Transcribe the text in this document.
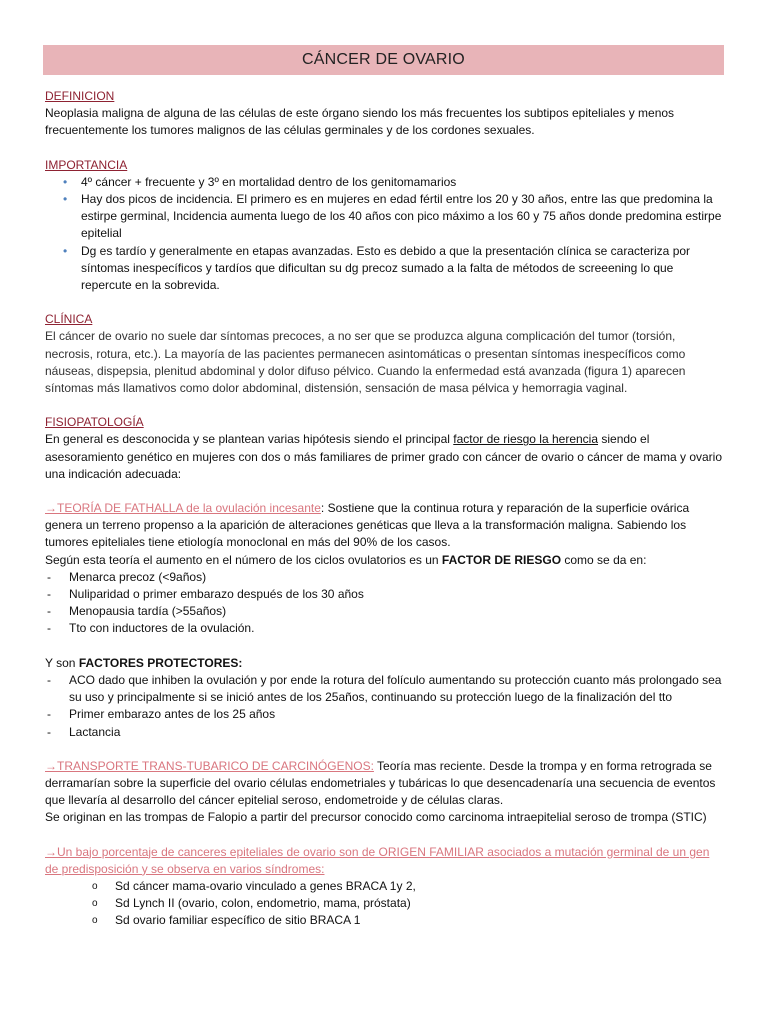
CÁNCER DE OVARIO
DEFINICION

Neoplasia maligna de alguna de las células de este órgano siendo los más frecuentes los subtipos epiteliales y menos frecuentemente los tumores malignos de las células germinales y de los cordones sexuales.

IMPORTANCIA
• 4º cáncer + frecuente y 3º en mortalidad dentro de los genitomamarios
• Hay dos picos de incidencia. El primero es en mujeres en edad fértil entre los 20 y 30 años, entre las que predomina la estirpe germinal, Incidencia aumenta luego de los 40 años con pico máximo a los 60 y 75 años donde predomina estirpe epitelial
• Dg es tardío y generalmente en etapas avanzadas. Esto es debido a que la presentación clínica se caracteriza por síntomas inespecíficos y tardíos que dificultan su dg precoz sumado a la falta de métodos de screeening lo que repercute en la sobrevida.
CLÍNICA

El cáncer de ovario no suele dar síntomas precoces, a no ser que se produzca alguna complicación del tumor (torsión, necrosis, rotura, etc.). La mayoría de las pacientes permanecen asintomáticas o presentan síntomas inespecíficos como náuseas, dispepsia, plenitud abdominal y dolor difuso pélvico. Cuando la enfermedad está avanzada (figura 1) aparecen síntomas más llamativos como dolor abdominal, distensión, sensación de masa pélvica y hemorragia vaginal.

FISIOPATOLOGÍA

En general es desconocida y se plantean varias hipótesis siendo el principal factor de riesgo la herencia siendo el asesoramiento genético en mujeres con dos o más familiares de primer grado con cáncer de ovario o cáncer de mama y ovario una indicación adecuada:

→TEORÍA DE FATHALLA de la ovulación incesante: Sostiene que la continua rotura y reparación de la superficie ovárica genera un terreno propenso a la aparición de alteraciones genéticas que lleva a la transformación maligna. Sabiendo los tumores epiteliales tiene etiología monoclonal en más del 90% de los casos.

Según esta teoría el aumento en el número de los ciclos ovulatorios es un FACTOR DE RIESGO como se da en:

- Menarca precoz (<9años)
- Nuliparidad o primer embarazo después de los 30 años
- Menopausia tardía (>55años)
- Tto con inductores de la ovulación.

Y son FACTORES PROTECTORES:

- ACO dado que inhiben la ovulación y por ende la rotura del folículo aumentando su protección cuanto más prolongado sea su uso y principalmente si se inició antes de los 25años, continuando su protección luego de la finalización del tto
- Primer embarazo antes de los 25 años
- Lactancia

→TRANSPORTE TRANS-TUBARICO DE CARCINÓGENOS: Teoría mas reciente. Desde la trompa y en forma retrograda se derramarían sobre la superficie del ovario células endometriales y tubáricas lo que desencadenaría una secuencia de eventos que llevaría al desarrollo del cáncer epitelial seroso, endometroide y de células claras.

Se originan en las trompas de Falopio a partir del precursor conocido como carcinoma intraepitelial seroso de trompa (STIC)

→Un bajo porcentaje de canceres epiteliales de ovario son de ORIGEN FAMILIAR asociados a mutación germinal de un gen de predisposición y se observa en varios síndromes:

o Sd cáncer mama-ovario vinculado a genes BRACA 1y 2,
o Sd Lynch II (ovario, colon, endometrio, mama, próstata)
o Sd ovario familiar específico de sitio BRACA 1
